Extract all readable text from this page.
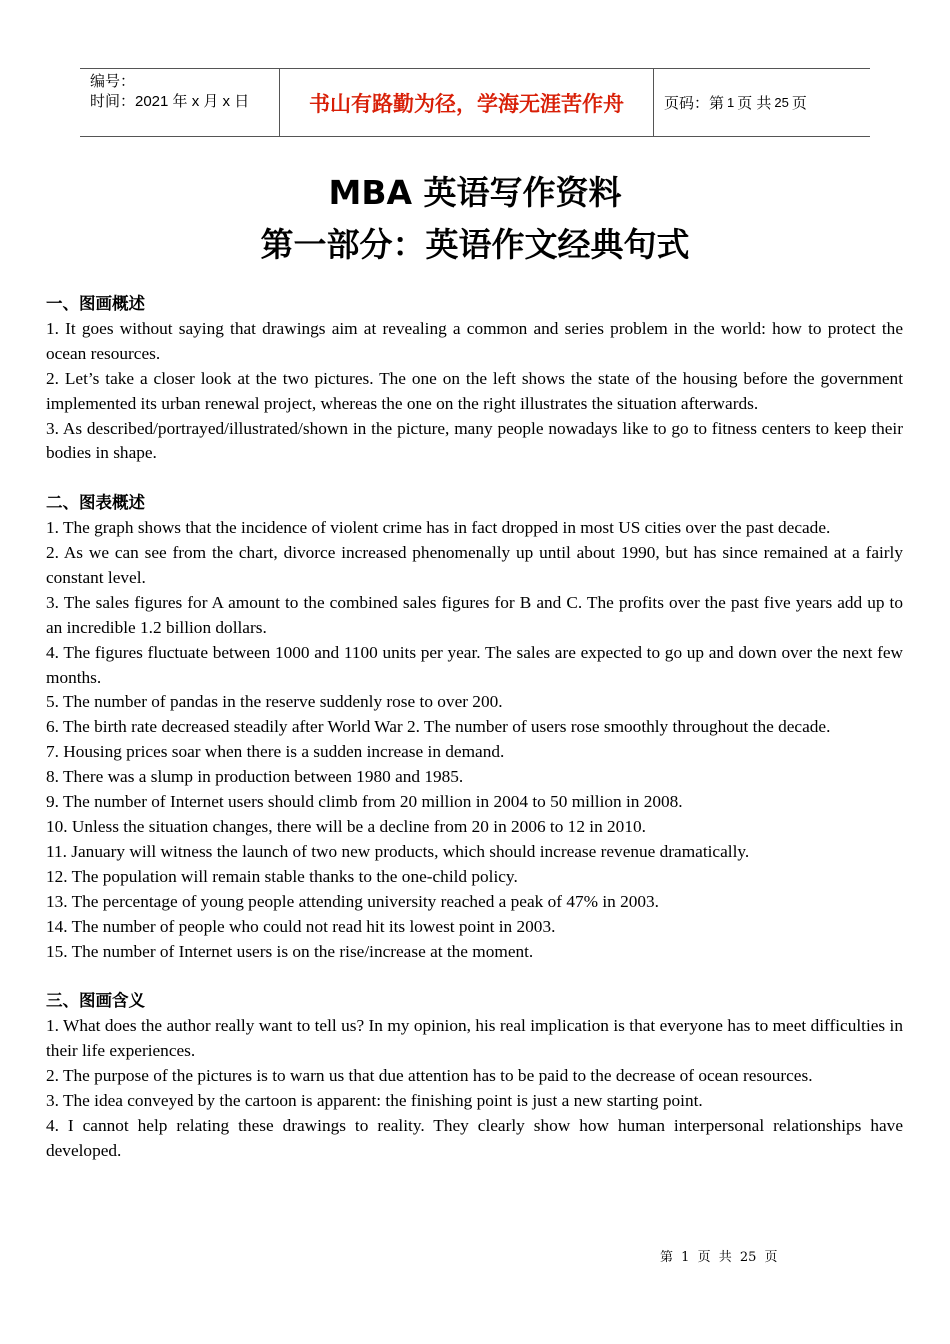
编号：
时间：2021 年 x 月 x 日	书山有路勤为径，学海无涯苦作舟	页码：第 1 页 共 25 页
MBA 英语写作资料
第一部分：英语作文经典句式
一、图画概述

1. It goes without saying that drawings aim at revealing a common and series problem in the world: how to protect the ocean resources.

2. Let’s take a closer look at the two pictures. The one on the left shows the state of the housing before the government implemented its urban renewal project, whereas the one on the right illustrates the situation afterwards.

3. As described/portrayed/illustrated/shown in the picture, many people nowadays like to go to fitness centers to keep their bodies in shape.

二、图表概述

1. The graph shows that the incidence of violent crime has in fact dropped in most US cities over the past decade.

2. As we can see from the chart, divorce increased phenomenally up until about 1990, but has since remained at a fairly constant level.

3. The sales figures for A amount to the combined sales figures for B and C. The profits over the past five years add up to an incredible 1.2 billion dollars.

4. The figures fluctuate between 1000 and 1100 units per year. The sales are expected to go up and down over the next few months.

5. The number of pandas in the reserve suddenly rose to over 200.

6. The birth rate decreased steadily after World War 2. The number of users rose smoothly throughout the decade.

7. Housing prices soar when there is a sudden increase in demand.

8. There was a slump in production between 1980 and 1985.

9. The number of Internet users should climb from 20 million in 2004 to 50 million in 2008.

10. Unless the situation changes, there will be a decline from 20 in 2006 to 12 in 2010.

11. January will witness the launch of two new products, which should increase revenue dramatically.

12. The population will remain stable thanks to the one-child policy.

13. The percentage of young people attending university reached a peak of 47% in 2003.

14. The number of people who could not read hit its lowest point in 2003.

15. The number of Internet users is on the rise/increase at the moment.

三、图画含义

1. What does the author really want to tell us? In my opinion, his real implication is that everyone has to meet difficulties in their life experiences.

2. The purpose of the pictures is to warn us that due attention has to be paid to the decrease of ocean resources.

3. The idea conveyed by the cartoon is apparent: the finishing point is just a new starting point.

4. I cannot help relating these drawings to reality. They clearly show how human interpersonal relationships have developed.

第 1 页 共 25 页
